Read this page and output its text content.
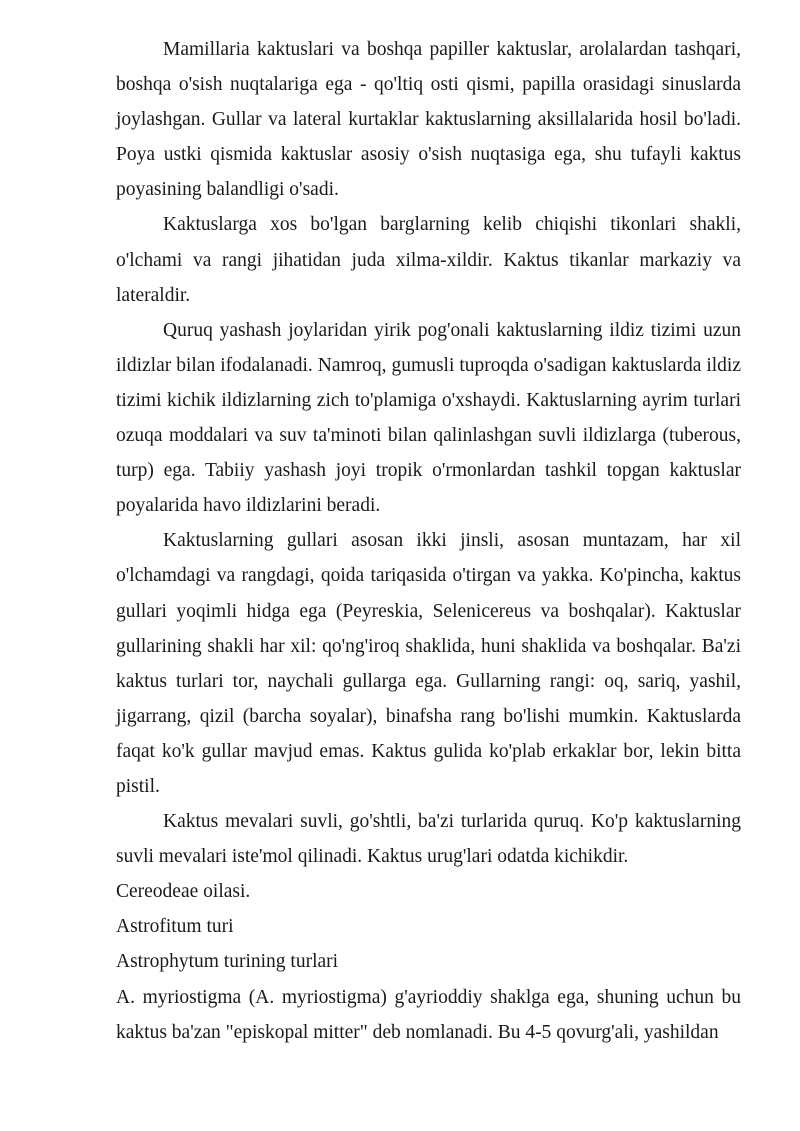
Mamillaria kaktuslari va boshqa papiller kaktuslar, arolalardan tashqari, boshqa o'sish nuqtalariga ega - qo'ltiq osti qismi, papilla orasidagi sinuslarda joylashgan. Gullar va lateral kurtaklar kaktuslarning aksillalarida hosil bo'ladi. Poya ustki qismida kaktuslar asosiy o'sish nuqtasiga ega, shu tufayli kaktus poyasining balandligi o'sadi.

Kaktuslarga xos bo'lgan barglarning kelib chiqishi tikonlari shakli, o'lchami va rangi jihatidan juda xilma-xildir. Kaktus tikanlar markaziy va lateraldir.

Quruq yashash joylaridan yirik pog'onali kaktuslarning ildiz tizimi uzun ildizlar bilan ifodalanadi. Namroq, gumusli tuproqda o'sadigan kaktuslarda ildiz tizimi kichik ildizlarning zich to'plamiga o'xshaydi. Kaktuslarning ayrim turlari ozuqa moddalari va suv ta'minoti bilan qalinlashgan suvli ildizlarga (tuberous, turp) ega. Tabiiy yashash joyi tropik o'rmonlardan tashkil topgan kaktuslar poyalarida havo ildizlarini beradi.

Kaktuslarning gullari asosan ikki jinsli, asosan muntazam, har xil o'lchamdagi va rangdagi, qoida tariqasida o'tirgan va yakka. Ko'pincha, kaktus gullari yoqimli hidga ega (Peyreskia, Selenicereus va boshqalar). Kaktuslar gullarining shakli har xil: qo'ng'iroq shaklida, huni shaklida va boshqalar. Ba'zi kaktus turlari tor, naychali gullarga ega. Gullarning rangi: oq, sariq, yashil, jigarrang, qizil (barcha soyalar), binafsha rang bo'lishi mumkin. Kaktuslarda faqat ko'k gullar mavjud emas. Kaktus gulida ko'plab erkaklar bor, lekin bitta pistil.

Kaktus mevalari suvli, go'shtli, ba'zi turlarida quruq. Ko'p kaktuslarning suvli mevalari iste'mol qilinadi. Kaktus urug'lari odatda kichikdir.

Cereodeae oilasi.

Astrofitum turi

Astrophytum turining turlari

A. myriostigma (A. myriostigma) g'ayrioddiy shaklga ega, shuning uchun bu kaktus ba'zan "episkopal mitter" deb nomlanadi. Bu 4-5 qovurg'ali, yashildan
